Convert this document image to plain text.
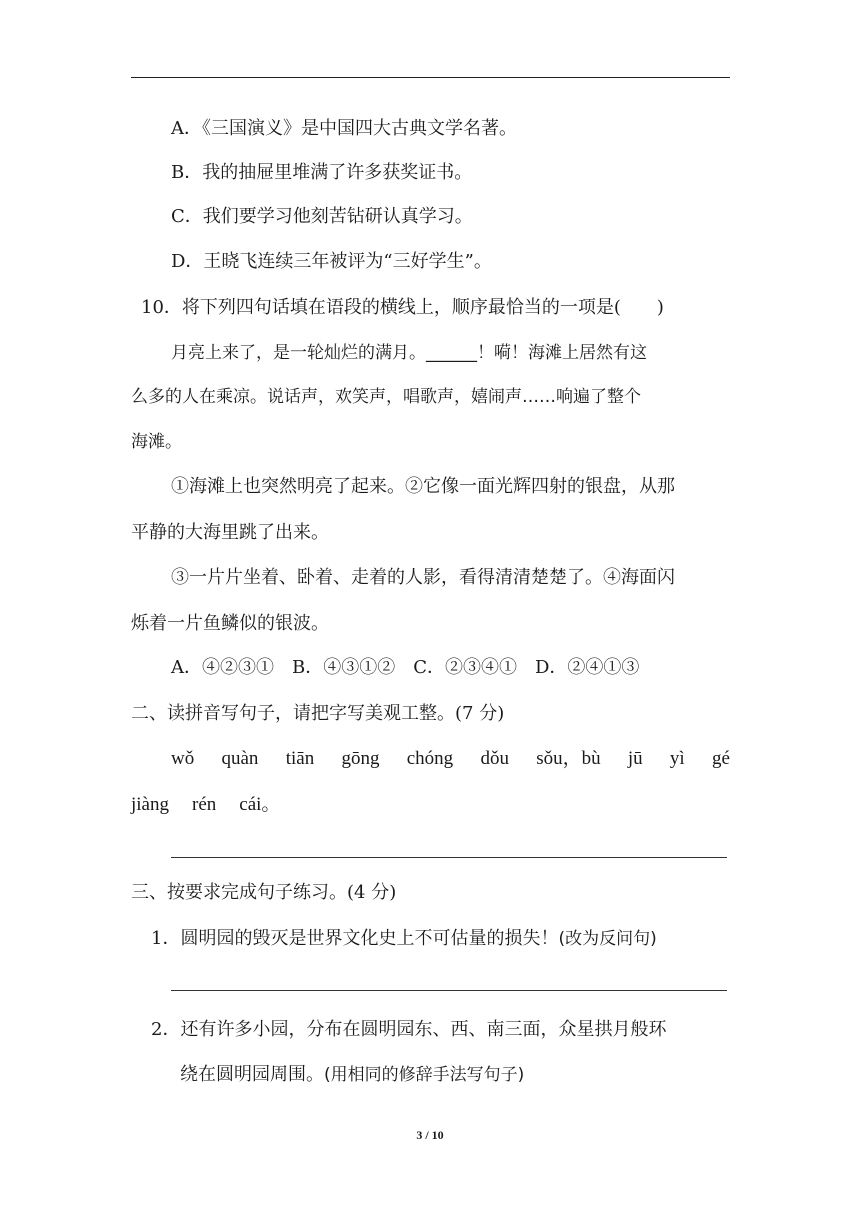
A．《三国演义》是中国四大古典文学名著。
B．我的抽屉里堆满了许多获奖证书。
C．我们要学习他刻苦钻研认真学习。
D．王晓飞连续三年被评为“三好学生”。
10．将下列四句话填在语段的横线上，顺序最恰当的一项是(　　)
月亮上来了，是一轮灿烂的满月。______！嗬！海滩上居然有这
么多的人在乘凉。说话声，欢笑声，唱歌声，嬉闹声……响遍了整个
海滩。
①海滩上也突然明亮了起来。②它像一面光辉四射的银盘，从那
平静的大海里跳了出来。
③一片片坐着、卧着、走着的人影，看得清清楚楚了。④海面闪
烁着一片鱼鳞似的银波。
A．④②③①　B．④③①②　C．②③④①　D．②④①③
二、读拼音写句子，请把字写美观工整。(7 分)
wǒ quàn tiān gōng chóng dǒu sǒu，bù jū yì gé
jiàng rén cái。
三、按要求完成句子练习。(4 分)
1．圆明园的毁灭是世界文化史上不可估量的损失！(改为反问句)
2．还有许多小园，分布在圆明园东、西、南三面，众星拱月般环
绕在圆明园周围。(用相同的修辞手法写句子)
3 / 10
